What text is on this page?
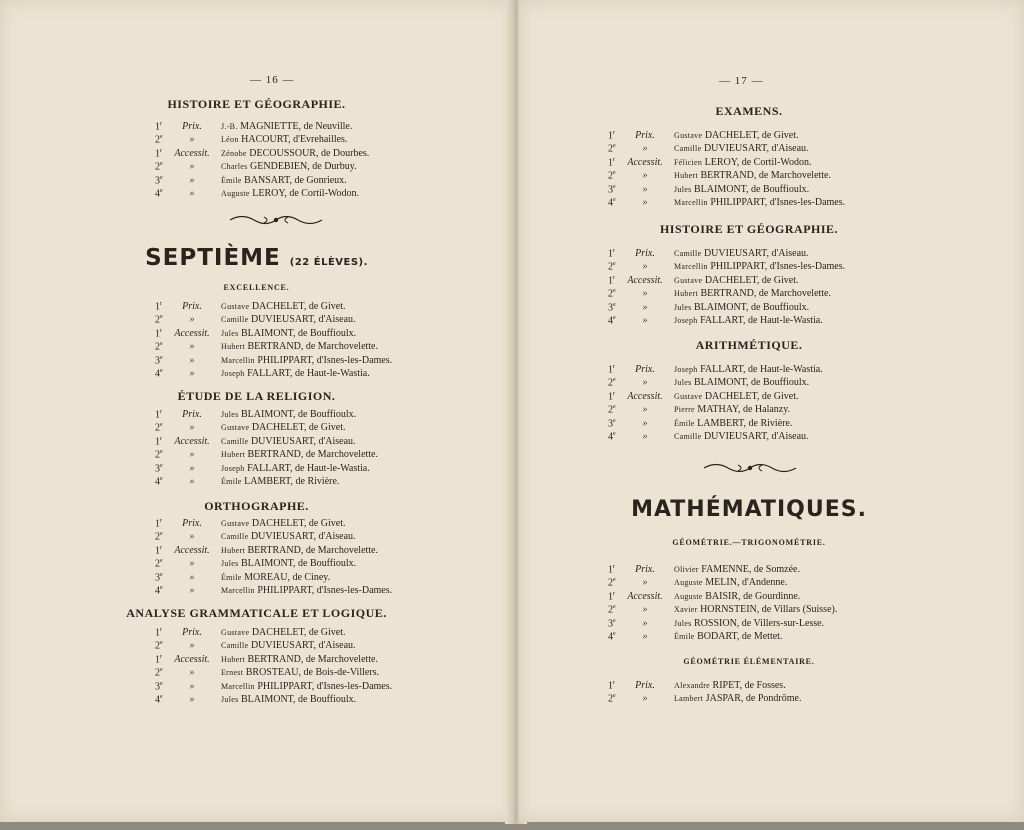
— 16 —
HISTOIRE ET GÉOGRAPHIE.
1$^r$	Prix.	J.-B. MAGNIETTE, de Neuville.
2e	»	Léon HACOURT, d'Evrehailles.
1$^r$	Accessit.	Zénobe DECOUSSOUR, de Dourbes.
2e	»	Charles GENDEBIEN, de Durbuy.
3e	»	Émile BANSART, de Gonrieux.
4e	»	Auguste LEROY, de Cortil-Wodon.
SEPTIÈME (22 ÉLÈVES).
EXCELLENCE.
1$^r$	Prix.	Gustave DACHELET, de Givet.
2e	»	Camille DUVIEUSART, d'Aiseau.
1$^r$	Accessit.	Jules BLAIMONT, de Bouffioulx.
2e	»	Hubert BERTRAND, de Marchovelette.
3e	»	Marcellin PHILIPPART, d'Isnes-les-Dames.
4e	»	Joseph FALLART, de Haut-le-Wastia.
ÉTUDE DE LA RELIGION.
1$^r$	Prix.	Jules BLAIMONT, de Bouffioulx.
2e	»	Gustave DACHELET, de Givet.
1$^r$	Accessit.	Camille DUVIEUSART, d'Aiseau.
2e	»	Hubert BERTRAND, de Marchovelette.
3e	»	Joseph FALLART, de Haut-le-Wastia.
4e	»	Émile LAMBERT, de Rivière.
ORTHOGRAPHE.
1$^r$	Prix.	Gustave DACHELET, de Givet.
2e	»	Camille DUVIEUSART, d'Aiseau.
1$^r$	Accessit.	Hubert BERTRAND, de Marchovelette.
2e	»	Jules BLAIMONT, de Bouffioulx.
3e	»	Émile MOREAU, de Ciney.
4e	»	Marcellin PHILIPPART, d'Isnes-les-Dames.
ANALYSE GRAMMATICALE ET LOGIQUE.
1$^r$	Prix.	Gustave DACHELET, de Givet.
2e	»	Camille DUVIEUSART, d'Aiseau.
1$^r$	Accessit.	Hubert BERTRAND, de Marchovelette.
2e	»	Ernest BROSTEAU, de Bois-de-Villers.
3e	»	Marcellin PHILIPPART, d'Isnes-les-Dames.
4e	»	Jules BLAIMONT, de Bouffioulx.
— 17 —
EXAMENS.
1$^r$	Prix.	Gustave DACHELET, de Givet.
2e	»	Camille DUVIEUSART, d'Aiseau.
1$^r$	Accessit.	Félicien LEROY, de Cortil-Wodon.
2e	»	Hubert BERTRAND, de Marchovelette.
3e	»	Jules BLAIMONT, de Bouffioulx.
4e	»	Marcellin PHILIPPART, d'Isnes-les-Dames.
HISTOIRE ET GÉOGRAPHIE.
1$^r$	Prix.	Camille DUVIEUSART, d'Aiseau.
2e	»	Marcellin PHILIPPART, d'Isnes-les-Dames.
1$^r$	Accessit.	Gustave DACHELET, de Givet.
2e	»	Hubert BERTRAND, de Marchovelette.
3e	»	Jules BLAIMONT, de Bouffioulx.
4e	»	Joseph FALLART, de Haut-le-Wastia.
ARITHMÉTIQUE.
1$^r$	Prix.	Joseph FALLART, de Haut-le-Wastia.
2e	»	Jules BLAIMONT, de Bouffioulx.
1$^r$	Accessit.	Gustave DACHELET, de Givet.
2e	»	Pierre MATHAY, de Halanzy.
3e	»	Émile LAMBERT, de Rivière.
4e	»	Camille DUVIEUSART, d'Aiseau.
MATHÉMATIQUES.
GÉOMÉTRIE.—TRIGONOMÉTRIE.
1$^r$	Prix.	Olivier FAMENNE, de Somzée.
2e	»	Auguste MELIN, d'Andenne.
1$^r$	Accessit.	Auguste BAISIR, de Gourdinne.
2e	»	Xavier HORNSTEIN, de Villars (Suisse).
3e	»	Jules ROSSION, de Villers-sur-Lesse.
4e	»	Émile BODART, de Mettet.
GÉOMÉTRIE ÉLÉMENTAIRE.
1$^r$	Prix.	Alexandre RIPET, de Fosses.
2e	»	Lambert JASPAR, de Pondrôme.
